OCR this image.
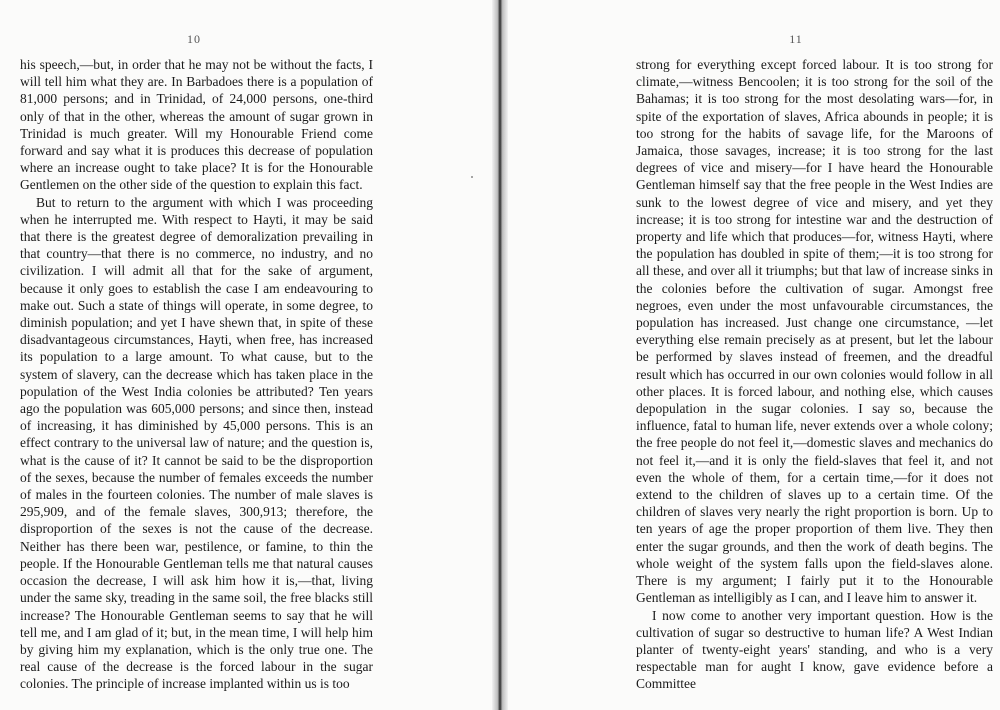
10

his speech,—but, in order that he may not be without the facts, I will tell him what they are. In Barbadoes there is a population of 81,000 persons; and in Trinidad, of 24,000 persons, one-third only of that in the other, whereas the amount of sugar grown in Trinidad is much greater. Will my Honourable Friend come forward and say what it is produces this decrease of population where an increase ought to take place? It is for the Honourable Gentlemen on the other side of the question to explain this fact.

But to return to the argument with which I was proceeding when he interrupted me. With respect to Hayti, it may be said that there is the greatest degree of demoralization prevailing in that country—that there is no commerce, no industry, and no civilization. I will admit all that for the sake of argument, because it only goes to establish the case I am endeavouring to make out. Such a state of things will operate, in some degree, to diminish population; and yet I have shewn that, in spite of these disadvantageous circumstances, Hayti, when free, has increased its population to a large amount. To what cause, but to the system of slavery, can the decrease which has taken place in the population of the West India colonies be attributed? Ten years ago the population was 605,000 persons; and since then, instead of increasing, it has diminished by 45,000 persons. This is an effect contrary to the universal law of nature; and the question is, what is the cause of it? It cannot be said to be the disproportion of the sexes, because the number of females exceeds the number of males in the fourteen colonies. The number of male slaves is 295,909, and of the female slaves, 300,913; therefore, the disproportion of the sexes is not the cause of the decrease. Neither has there been war, pestilence, or famine, to thin the people. If the Honourable Gentleman tells me that natural causes occasion the decrease, I will ask him how it is,—that, living under the same sky, treading in the same soil, the free blacks still increase? The Honourable Gentleman seems to say that he will tell me, and I am glad of it; but, in the mean time, I will help him by giving him my explanation, which is the only true one. The real cause of the decrease is the forced labour in the sugar colonies. The principle of increase implanted within us is too

11

strong for everything except forced labour. It is too strong for climate,—witness Bencoolen; it is too strong for the soil of the Bahamas; it is too strong for the most desolating wars—for, in spite of the exportation of slaves, Africa abounds in people; it is too strong for the habits of savage life, for the Maroons of Jamaica, those savages, increase; it is too strong for the last degrees of vice and misery—for I have heard the Honourable Gentleman himself say that the free people in the West Indies are sunk to the lowest degree of vice and misery, and yet they increase; it is too strong for intestine war and the destruction of property and life which that produces—for, witness Hayti, where the population has doubled in spite of them;—it is too strong for all these, and over all it triumphs; but that law of increase sinks in the colonies before the cultivation of sugar. Amongst free negroes, even under the most unfavourable circumstances, the population has increased. Just change one circumstance, —let everything else remain precisely as at present, but let the labour be performed by slaves instead of freemen, and the dreadful result which has occurred in our own colonies would follow in all other places. It is forced labour, and nothing else, which causes depopulation in the sugar colonies. I say so, because the influence, fatal to human life, never extends over a whole colony; the free people do not feel it,—domestic slaves and mechanics do not feel it,—and it is only the field-slaves that feel it, and not even the whole of them, for a certain time,—for it does not extend to the children of slaves up to a certain time. Of the children of slaves very nearly the right proportion is born. Up to ten years of age the proper proportion of them live. They then enter the sugar grounds, and then the work of death begins. The whole weight of the system falls upon the field-slaves alone. There is my argument; I fairly put it to the Honourable Gentleman as intelligibly as I can, and I leave him to answer it.

I now come to another very important question. How is the cultivation of sugar so destructive to human life? A West Indian planter of twenty-eight years' standing, and who is a very respectable man for aught I know, gave evidence before a Committee
